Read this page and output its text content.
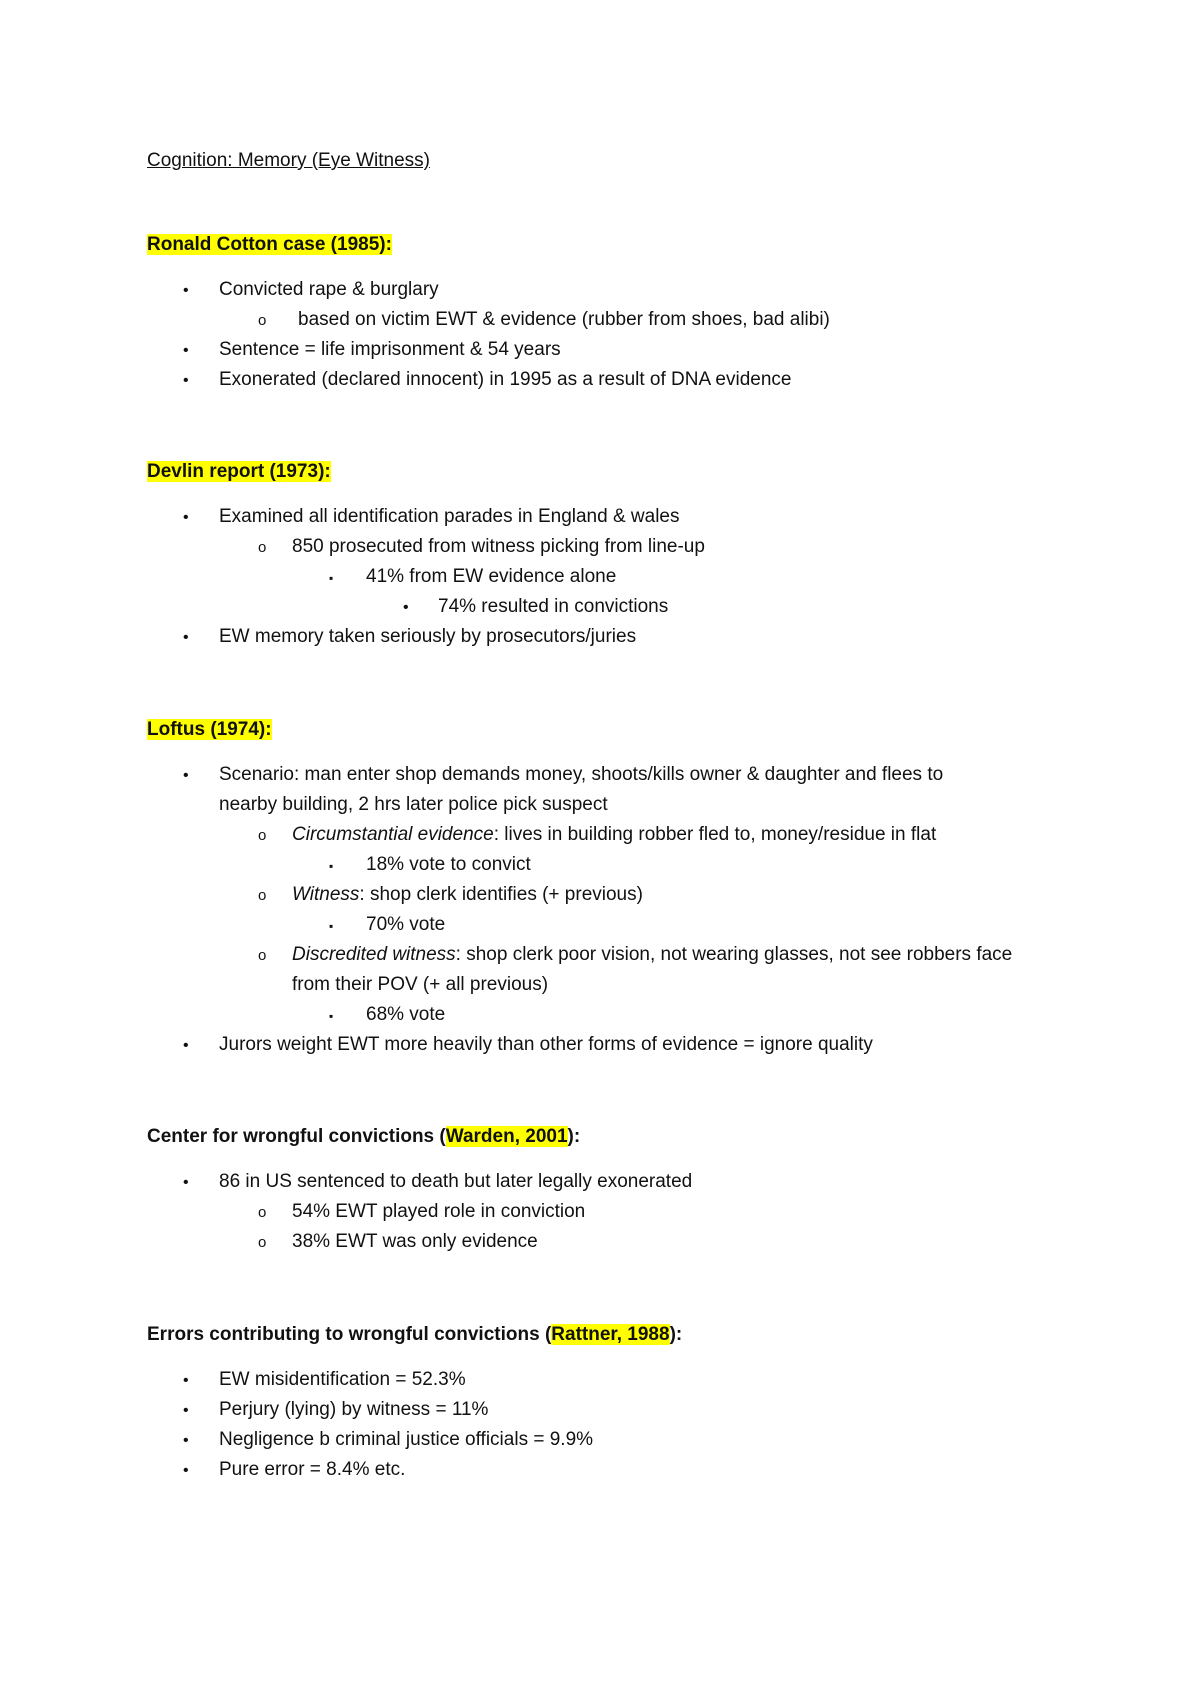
Cognition: Memory (Eye Witness)
Ronald Cotton case (1985):
• Convicted rape & burglary
o based on victim EWT & evidence (rubber from shoes, bad alibi)
• Sentence = life imprisonment & 54 years
• Exonerated (declared innocent) in 1995 as a result of DNA evidence
Devlin report (1973):
• Examined all identification parades in England & wales
o 850 prosecuted from witness picking from line-up
▪ 41% from EW evidence alone
• 74% resulted in convictions
• EW memory taken seriously by prosecutors/juries
Loftus (1974):
• Scenario: man enter shop demands money, shoots/kills owner & daughter and flees to
nearby building, 2 hrs later police pick suspect
o Circumstantial evidence: lives in building robber fled to, money/residue in flat
▪ 18% vote to convict
o Witness: shop clerk identifies (+ previous)
▪ 70% vote
o Discredited witness: shop clerk poor vision, not wearing glasses, not see robbers face
from their POV (+ all previous)
▪ 68% vote
• Jurors weight EWT more heavily than other forms of evidence = ignore quality
Center for wrongful convictions (Warden, 2001):
• 86 in US sentenced to death but later legally exonerated
o 54% EWT played role in conviction
o 38% EWT was only evidence
Errors contributing to wrongful convictions (Rattner, 1988):
• EW misidentification = 52.3%
• Perjury (lying) by witness = 11%
• Negligence b criminal justice officials = 9.9%
• Pure error = 8.4% etc.
